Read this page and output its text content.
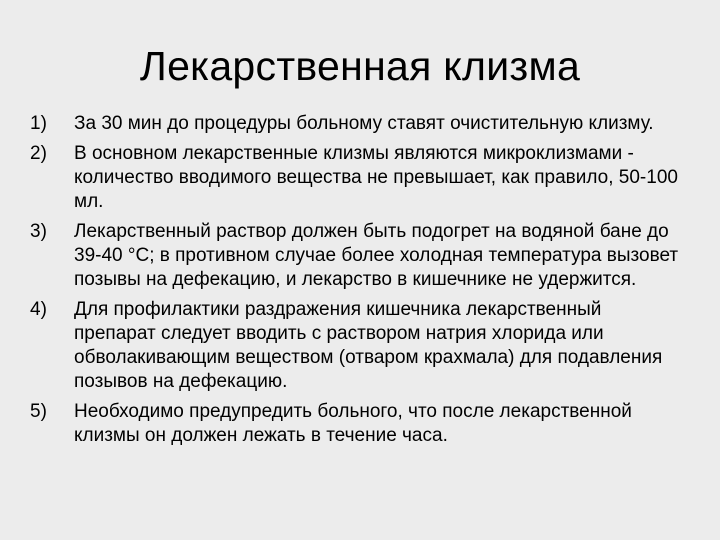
Лекарственная клизма
1) За 30 мин до процедуры больному ставят очистительную клизму.
2) В основном лекарственные клизмы являются микроклизмами - количество вводимого вещества не превышает, как правило, 50-100 мл.
3) Лекарственный раствор должен быть подогрет на водяной бане до 39-40 °С; в противном случае более холодная температура вызовет позывы на дефекацию, и лекарство в кишечнике не удержится.
4) Для профилактики раздражения кишечника лекарственный препарат следует вводить с раствором натрия хлорида или обволакивающим веществом (отваром крахмала) для подавления позывов на дефекацию.
5) Необходимо предупредить больного, что после лекарственной клизмы он должен лежать в течение часа.
